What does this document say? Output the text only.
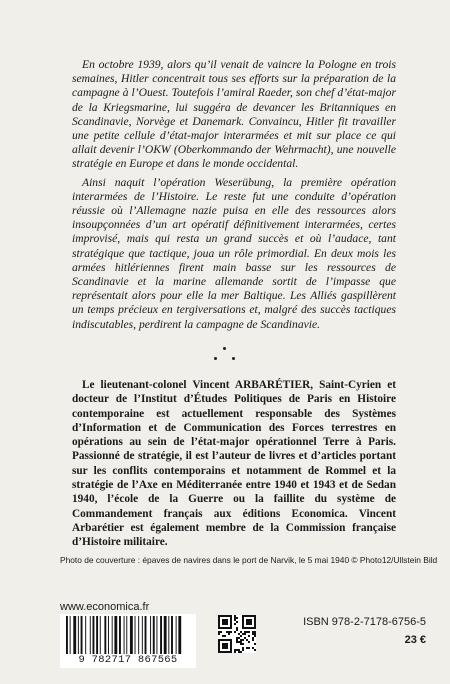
En octobre 1939, alors qu’il venait de vaincre la Pologne en trois semaines, Hitler concentrait tous ses efforts sur la préparation de la campagne à l’Ouest. Toutefois l’amiral Raeder, son chef d’état-major de la Kriegsmarine, lui suggéra de devancer les Britanniques en Scandinavie, Norvège et Danemark. Convaincu, Hitler fit travailler une petite cellule d’état-major interarmées et mit sur place ce qui allait devenir l’OKW (Oberkommando der Wehrmacht), une nouvelle stratégie en Europe et dans le monde occidental.

Ainsi naquit l’opération Weserübung, la première opération interarmées de l’Histoire. Le reste fut une conduite d’opération réussie où l’Allemagne nazie puisa en elle des ressources alors insoupçonnées d’un art opératif définitivement interarmées, certes improvisé, mais qui resta un grand succès et où l’audace, tant stratégique que tactique, joua un rôle primordial. En deux mois les armées hitlériennes firent main basse sur les ressources de Scandinavie et la marine allemande sortit de l’impasse que représentait alors pour elle la mer Baltique. Les Alliés gaspillèrent un temps précieux en tergiversations et, malgré des succès tactiques indiscutables, perdirent la campagne de Scandinavie.

Le lieutenant-colonel Vincent ARBARÉTIER, Saint-Cyrien et docteur de l’Institut d’Études Politiques de Paris en Histoire contemporaine est actuellement responsable des Systèmes d’Information et de Communication des Forces terrestres en opérations au sein de l’état-major opérationnel Terre à Paris. Passionné de stratégie, il est l’auteur de livres et d’articles portant sur les conflits contemporains et notamment de Rommel et la stratégie de l’Axe en Méditerranée entre 1940 et 1943 et de Sedan 1940, l’école de la Guerre ou la faillite du système de Commandement français aux éditions Economica. Vincent Arbarétier est également membre de la Commission française d’Histoire militaire.

Photo de couverture : épaves de navires dans le port de Narvik, le 5 mai 1940 © Photo12/Ullstein Bild
www.economica.fr
9 782717 867565
ISBN 978-2-7178-6756-5
23 €
